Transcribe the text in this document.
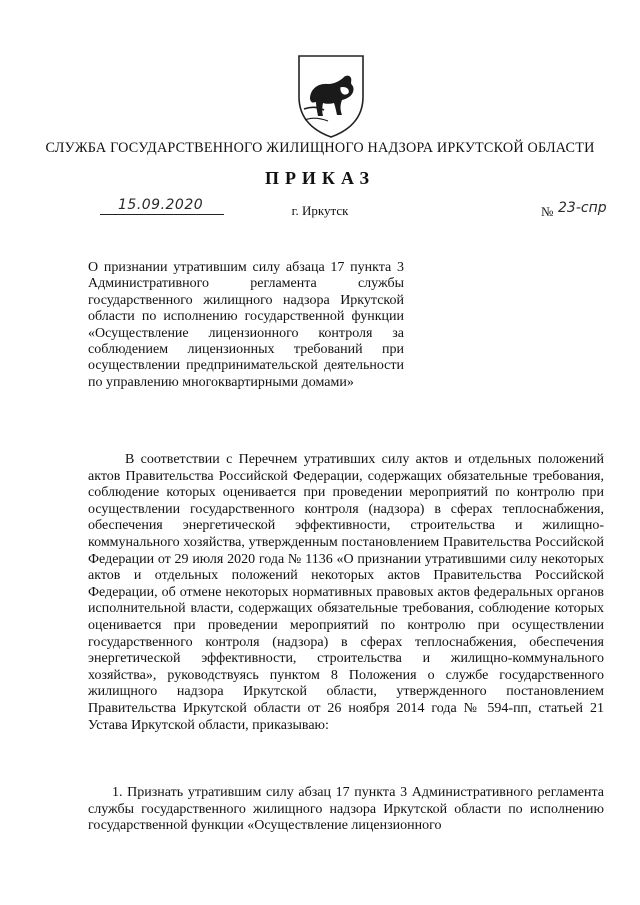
СЛУЖБА ГОСУДАРСТВЕННОГО ЖИЛИЩНОГО НАДЗОРА ИРКУТСКОЙ ОБЛАСТИ
ПРИКАЗ
15.09.2020	г. Иркутск	№ 23-спр
О признании утратившим силу абзаца 17 пункта 3 Административного регламента службы государственного жилищного надзора Иркутской области по исполнению государственной функции «Осуществление лицензионного контроля за соблюдением лицензионных требований при осуществлении предпринимательской деятельности по управлению многоквартирными домами»
В соответствии с Перечнем утративших силу актов и отдельных положений актов Правительства Российской Федерации, содержащих обязательные требования, соблюдение которых оценивается при проведении мероприятий по контролю при осуществлении государственного контроля (надзора) в сферах теплоснабжения, обеспечения энергетической эффективности, строительства и жилищно-коммунального хозяйства, утвержденным постановлением Правительства Российской Федерации от 29 июля 2020 года № 1136 «О признании утратившими силу некоторых актов и отдельных положений некоторых актов Правительства Российской Федерации, об отмене некоторых нормативных правовых актов федеральных органов исполнительной власти, содержащих обязательные требования, соблюдение которых оценивается при проведении мероприятий по контролю при осуществлении государственного контроля (надзора) в сферах теплоснабжения, обеспечения энергетической эффективности, строительства и жилищно-коммунального хозяйства», руководствуясь пунктом 8 Положения о службе государственного жилищного надзора Иркутской области, утвержденного постановлением Правительства Иркутской области от 26 ноября 2014 года № 594-пп, статьей 21 Устава Иркутской области, приказываю:
1. Признать утратившим силу абзац 17 пункта 3 Административного регламента службы государственного жилищного надзора Иркутской области по исполнению государственной функции «Осуществление лицензионного
